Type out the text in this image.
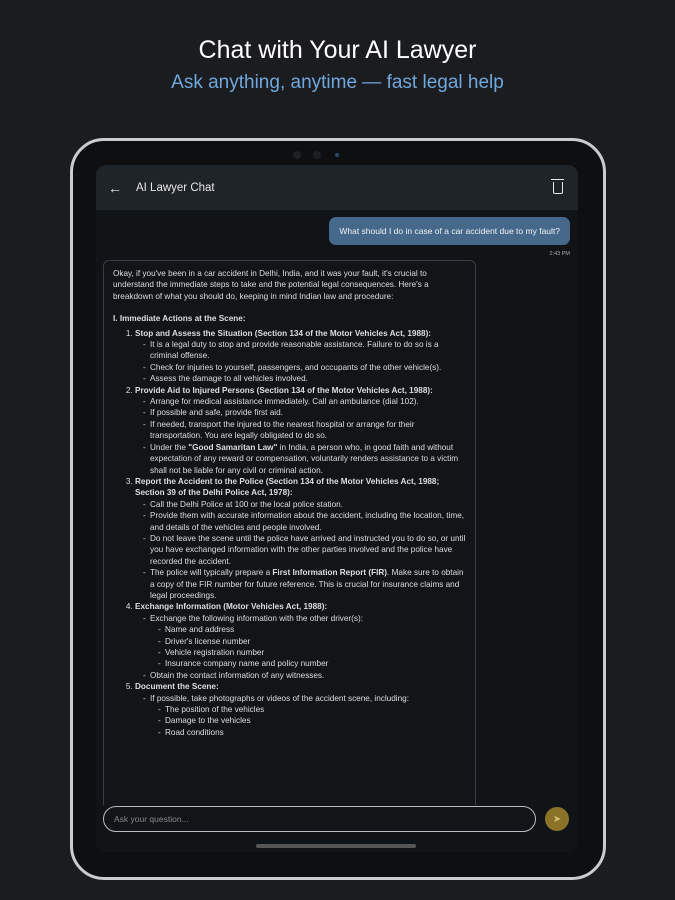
Chat with Your AI Lawyer
Ask anything, anytime — fast legal help
←	AI Lawyer Chat
What should I do in case of a car accident due to my fault?
2:43 PM

Okay, if you've been in a car accident in Delhi, India, and it was your fault, it's crucial to understand the immediate steps to take and the potential legal consequences. Here's a breakdown of what you should do, keeping in mind Indian law and procedure:

I. Immediate Actions at the Scene:
1. Stop and Assess the Situation (Section 134 of the Motor Vehicles Act, 1988):
- It is a legal duty to stop and provide reasonable assistance. Failure to do so is a criminal offense.
- Check for injuries to yourself, passengers, and occupants of the other vehicle(s).
- Assess the damage to all vehicles involved.
2. Provide Aid to Injured Persons (Section 134 of the Motor Vehicles Act, 1988):
- Arrange for medical assistance immediately. Call an ambulance (dial 102).
- If possible and safe, provide first aid.
- If needed, transport the injured to the nearest hospital or arrange for their transportation. You are legally obligated to do so.
- Under the "Good Samaritan Law" in India, a person who, in good faith and without expectation of any reward or compensation, voluntarily renders assistance to a victim shall not be liable for any civil or criminal action.
3. Report the Accident to the Police (Section 134 of the Motor Vehicles Act, 1988; Section 39 of the Delhi Police Act, 1978):
- Call the Delhi Police at 100 or the local police station.
- Provide them with accurate information about the accident, including the location, time, and details of the vehicles and people involved.
- Do not leave the scene until the police have arrived and instructed you to do so, or until you have exchanged information with the other parties involved and the police have recorded the accident.
- The police will typically prepare a First Information Report (FIR). Make sure to obtain a copy of the FIR number for future reference. This is crucial for insurance claims and legal proceedings.
4. Exchange Information (Motor Vehicles Act, 1988):
- Exchange the following information with the other driver(s):
- Name and address
- Driver's license number
- Vehicle registration number
- Insurance company name and policy number
- Obtain the contact information of any witnesses.
5. Document the Scene:
- If possible, take photographs or videos of the accident scene, including:
- The position of the vehicles
- Damage to the vehicles
- Road conditions
Ask your question...	➤
